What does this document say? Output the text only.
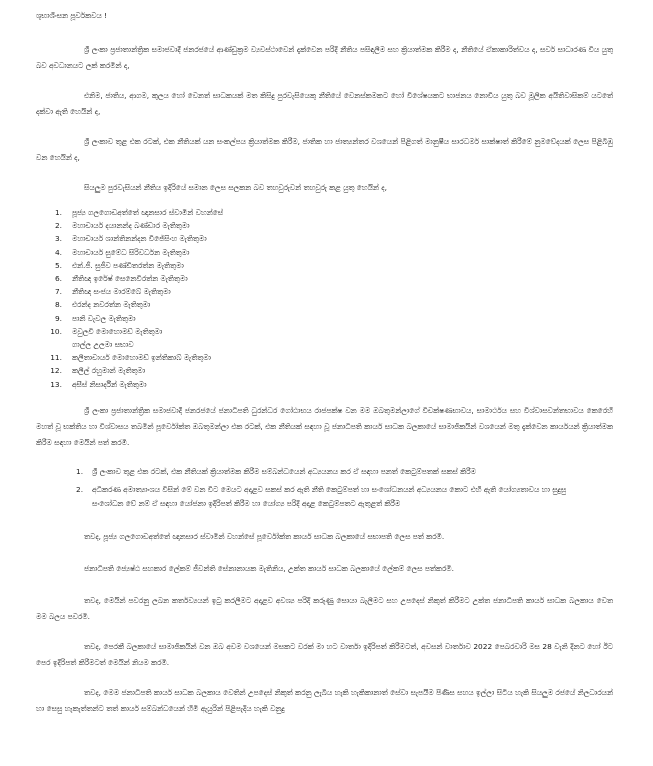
ශුභාශිංසන පූර්වකවය !

ශ්‍රී ලංකා ප්‍රජාතාන්ත්‍රික සමාජවාදී ජනරජයේ ආණ්ඩුක්‍රම ව්‍යවස්ථාවෙන් දැක්වෙන පරිදි නීතිය පසිඳලීම සහ ක්‍රියාත්මක කිරීම ද, නීතියේ ඒකාකාරිත්වය ද, සර්ව සාධාරණ විය යුතු බව අවධානයට ලක් කරමින් ද,

එනිම, ජාතිය, ආගම, කුලය හෝ වෙනත් සාධකයක් මත කිසිදු පුරවැසියෙකු නීතියේ වෙනස්කමකට හෝ විශේෂයකට භාජනය නොවිය යුතු බව මූලික අයිතිවාසිකම් යටතේ දක්වා ඇති හෙයින් ද,

ශ්‍රී ලංකාව තුළ එක රටක්, එක නීතියක් යන සංකල්පය ක්‍රියාත්මක කිරීම, ජාතික හා ජාත්‍යන්තර වශයෙන් පිළිගත් මානුෂීය සාරධර්ම සාක්ෂාත් කිරීමේ නුමවේදයක් ලෙස පිළිබිඹු වන හෙයින් ද,

සියලුම පුරවැසියන් නීතිය ඉදිරියේ සමාන ලෙස සලකන බව තහවුරුවන් තහවුරු කළ යුතු හෙයින් ද,

1. පූජ්‍ය ගලගොඩඅත්තේ ඥානසාර ස්වාමින් වහන්සේ
2. මහාචාර්ය දයානන්ද බණ්ඩාර මැතිතුමා
3. මහාචාර්ය ශාන්තිනන්දන විජේසිංහ මැතිතුමා
4. මහාචාර්ය සුමේධ සිරිවර්ධන මැතිතුමා
5. එන්.ජී. සුජීව පණ්ඩිතරත්න මැතිතුමා
6. නීතිඥ ඉරේෂ් සෙනෙවිරත්න මැතිතුමා
7. නීතිඥ සංජය මාරම්බේ මැතිතුමා
8. එරන්ද නවරත්න මැතිතුමා
9. පානි වැවල මැතිතුමා
10. මවුලවි මොහොමඩ් මැතිතුමා
ගාල්ල උලමා සභාව
11. කලීතාචාර්ය මොහොමඩ් ඉන්තිකාබ් මැතිතුමා
12. කලීල් රහුමාන් මැතිතුමා
13. අසීස් නිසාර්දීන් මැතිතුමා

ශ්‍රී ලංකා ප්‍රජාතාන්ත්‍රික සමාජවාදී ජනරජයේ ජනාධිපති ධුරන්ධර ගෝඨාභය රාජපක්ෂ වන මම ඔබතුමන්ලාගේ විචක්ෂණභාවය, සාමාර්ථය සහ විශ්වාසවන්තභාවය කෙරෙහි මහත් වූ භක්තිය හා විශ්වාසය තබමින් පූර්වෝක්ත ඔබතුමන්ලා එක රටක්, එක නීතියක් සඳහා වූ ජනාධිපති කාර්ය සාධක බලකායේ සාමාජිකයින් වශයෙන් මතු දැක්වෙන කාර්යයන් ක්‍රියාත්මක කිරීම සඳහා මෙයින් පත් කරමි.

1.	ශ්‍රී ලංකාව තුළ එක රටක්, එක නීතියක් ක්‍රියාත්මක කිරීම සම්බන්ධයෙන් අධ්‍යයනය කර ඒ සඳහා පනත් කෙටුම්පතක් සකස් කිරීම
2.	අධිකරණ අමාත්‍යාංශය විසින් මේ වන විට මෙයට අදාළව සකස් කර ඇති නීති කෙටුම්පත් හා සංශෝධනයන් අධ්‍යයනය කොට එහි ඇති යෝග්‍යතාවය හා සුදුසු සංශෝධන වේ නම් ඒ සඳහා යෝජනා ඉදිරිපත් කිරීම හා යෝග්‍ය පරිදි අදාළ කෙටුම්පතට ඇතුළත් කිරීම

තවද, පූජ්‍ය ගලගොඩඅත්තේ ඥානසාර ස්වාමින් වහන්සේ පූර්වෝක්ත කාර්ය සාධක බලකායේ සභාපති ලෙස පත් කරමි.

ජනාධිපති ජ්‍යෙෂ්ඨ සහකාර ලේකම් ජීවන්ති සේනානායක මැතිනිය, උක්ත කාර්ය සාධක බලකායේ ලේකම් ලෙස පත්කරමි.

තවද, මෙයින් පවරනු ලබන කර්තව්‍යයන් ඉටු කරලීමට අදාළව අවශ්‍ය පරිදි කරුණු සොයා බැලීමට සහ උපදෙස් නිකුත් කිරීමට උක්ත ජනාධිපති කාර්ය සාධක බලකාය වෙත මම බලය පවරමි.

තවද, පෙරකී බලකායේ සාමාජිකයින් වන ඔබ අවම වශයෙන් මසකට වරක් මා හට වාර්තා ඉදිරිපත් කිරීමටත්, අවසන් වාර්තාව 2022 පෙබරවාරි මස 28 වැනි දිනට හෝ ඊට පෙර ඉදිරිපත් කිරීමටත් මෙයින් නියම කරමි.

තවද, මෙම ජනාධිපති කාර්ය සාධක බලකාය වෙතින් උපදෙස් නිකුත් කරනු ලැබිය හැකි හැකිකානාත් සේවා සැපයීම පිණිස සහය ඉල්ලා සිටිය හැකි සියලුම රජයේ නිලධාරයන් හා සෙසු හැකැත්තන්ට තත් කාර්ය සම්බන්ධයෙන් හිමි ඇයුරින් පිළිපැදිය හැකි වනුදු
